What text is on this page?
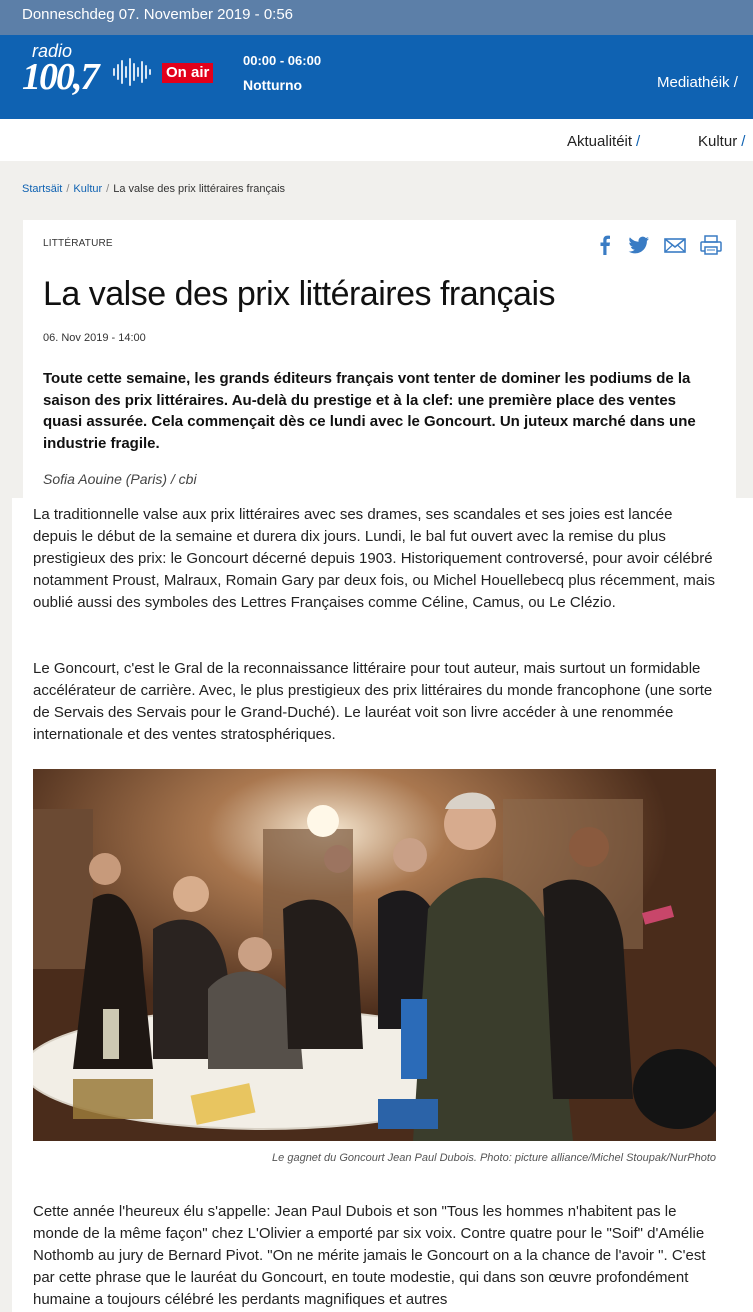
Donneschdeg 07. November 2019 - 0:56
radio
100,7	On air
00:00 - 06:00
Notturno	Mediathéik /
Aktualitéit /	Kultur /
Startsäit / Kultur / La valse des prix littéraires français
LITTÉRATURE
La valse des prix littéraires français
06. Nov 2019 - 14:00

Toute cette semaine, les grands éditeurs français vont tenter de dominer les podiums de la saison des prix littéraires. Au-delà du prestige et à la clef: une première place des ventes quasi assurée. Cela commençait dès ce lundi avec le Goncourt. Un juteux marché dans une industrie fragile.

Sofia Aouine (Paris) / cbi

La traditionnelle valse aux prix littéraires avec ses drames, ses scandales et ses joies est lancée depuis le début de la semaine et durera dix jours. Lundi, le bal fut ouvert avec la remise du plus prestigieux des prix: le Goncourt décerné depuis 1903. Historiquement controversé, pour avoir célébré notamment Proust, Malraux, Romain Gary par deux fois, ou Michel Houellebecq plus récemment, mais oublié aussi des symboles des Lettres Françaises comme Céline, Camus, ou Le Clézio.

Le Goncourt, c'est le Gral de la reconnaissance littéraire pour tout auteur, mais surtout un formidable accélérateur de carrière. Avec, le plus prestigieux des prix littéraires du monde francophone (une sorte de Servais des Servais pour le Grand-Duché). Le lauréat voit son livre accéder à une renommée internationale et des ventes stratosphériques.

Le gagnet du Goncourt Jean Paul Dubois. Photo: picture alliance/Michel Stoupak/NurPhoto

Cette année l'heureux élu s'appelle: Jean Paul Dubois et son "Tous les hommes n'habitent pas le monde de la même façon" chez L'Olivier a emporté par six voix. Contre quatre pour le "Soif" d'Amélie Nothomb au jury de Bernard Pivot. "On ne mérite jamais le Goncourt on a la chance de l'avoir ". C'est par cette phrase que le lauréat du Goncourt, en toute modestie, qui dans son œuvre profondément humaine a toujours célébré les perdants magnifiques et autres
